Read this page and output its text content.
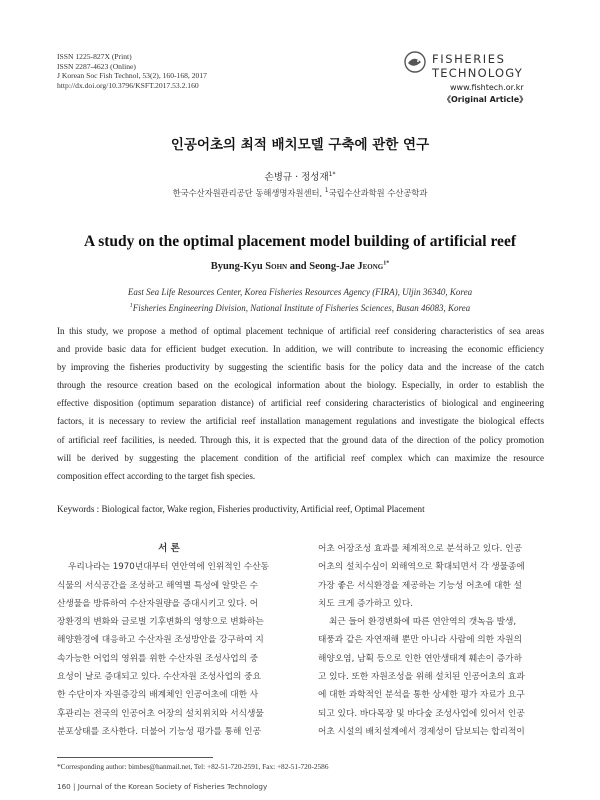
ISSN 1225-827X (Print)
ISSN 2287-4623 (Online)
J Korean Soc Fish Technol, 53(2), 160-168, 2017
http://dx.doi.org/10.3796/KSFT.2017.53.2.160
FISHERIES
TECHNOLOGY
www.fishtech.or.kr
《Original Article》
인공어초의 최적 배치모델 구축에 관한 연구
손병규 · 정성재$^{1*}$
한국수산자원관리공단 동해생명자원센터, $^1$국립수산과학원 수산공학과
A study on the optimal placement model building of artificial reef
Byung-Kyu Sohn and Seong-Jae Jeong$^{1*}$
East Sea Life Resources Center, Korea Fisheries Resources Agency (FIRA), Uljin 36340, Korea
$^1$Fisheries Engineering Division, National Institute of Fisheries Sciences, Busan 46083, Korea
In this study, we propose a method of optimal placement technique of artificial reef considering characteristics of sea areas
and provide basic data for efficient budget execution. In addition, we will contribute to increasing the economic efficiency
by improving the fisheries productivity by suggesting the scientific basis for the policy data and the increase of the catch
through the resource creation based on the ecological information about the biology. Especially, in order to establish the
effective disposition (optimum separation distance) of artificial reef considering characteristics of biological and engineering
factors, it is necessary to review the artificial reef installation management regulations and investigate the biological effects
of artificial reef facilities, is needed. Through this, it is expected that the ground data of the direction of the policy promotion
will be derived by suggesting the placement condition of the artificial reef complex which can maximize the resource
composition effect according to the target fish species.
Keywords : Biological factor, Wake region, Fisheries productivity, Artificial reef, Optimal Placement
서 론
우리나라는 1970년대부터 연안역에 인위적인 수산동
식물의 서식공간을 조성하고 해역별 특성에 알맞은 수
산생물을 방류하여 수산자원량을 증대시키고 있다. 어
장환경의 변화와 글로벌 기후변화의 영향으로 변화하는
해양환경에 대응하고 수산자원 조성방안을 강구하여 지
속가능한 어업의 영위를 위한 수산자원 조성사업의 중
요성이 날로 증대되고 있다. 수산자원 조성사업의 중요
한 수단이자 자원증강의 배계체인 인공어초에 대한 사
후관리는 전국의 인공어초 어장의 설치위치와 서식생물
분포상태를 조사한다. 더불어 기능성 평가를 통해 인공
어초 어장조성 효과를 체계적으로 분석하고 있다. 인공
어초의 설치수심이 외해역으로 확대되면서 각 생물종에
가장 좋은 서식환경을 제공하는 기능성 어초에 대한 설
치도 크게 증가하고 있다.
최근 들어 환경변화에 따른 연안역의 갯녹음 발생,
태풍과 같은 자연재해 뿐만 아니라 사람에 의한 자원의
해양오염, 남획 등으로 인한 연안생태계 훼손이 증가하
고 있다. 또한 자원조성을 위해 설치된 인공어초의 효과
에 대한 과학적인 분석을 통한 상세한 평가 자료가 요구
되고 있다. 바다목장 및 바다숲 조성사업에 있어서 인공
어초 시설의 배치설계에서 경제성이 담보되는 합리적이
*Corresponding author: bimbes@hanmail.net, Tel: +82-51-720-2591, Fax: +82-51-720-2586
160 | Journal of the Korean Society of Fisheries Technology
